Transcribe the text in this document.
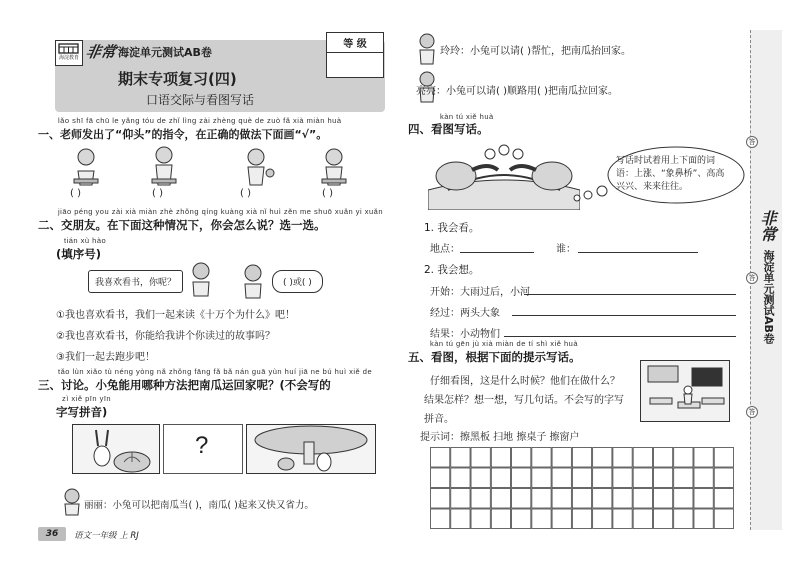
海淀教育 非常 海淀单元测试AB卷
等 级
期末专项复习(四)
口语交际与看图写话
lǎo shī fā chū le yǎng tóu de zhǐ lìng zài zhèng què de zuò fǎ xià miàn huà
一、老师发出了“仰头”的指令，在正确的做法下面画“√”。
( )	( )	( )	( )
jiāo péng you zài xià miàn zhè zhǒng qíng kuàng xià nǐ huì zěn me shuō xuǎn yi xuǎn
二、交朋友。在下面这种情况下，你会怎么说？选一选。
tián xù hào
(填序号)
我喜欢看书，你呢？	( )或( )
①我也喜欢看书，我们一起来读《十万个为什么》吧！
②我也喜欢看书，你能给我讲个你读过的故事吗？
③我们一起去跑步吧！
tǎo lùn xiǎo tù néng yòng nǎ zhǒng fāng fǎ bǎ nán guā yùn huí jiā ne bú huì xiě de
三、讨论。小兔能用哪种方法把南瓜运回家呢？(不会写的
zì xiě pīn yīn
字写拼音)
?
丽丽：小兔可以把南瓜当( )，南瓜( )起来又快又省力。
36	语文一年级 上 RJ
玲玲：小兔可以请( )帮忙，把南瓜抬回家。
亮亮：小兔可以请( )顺路用( )把南瓜拉回家。
kàn tú xiě huà
四、看图写话。
写话时试着用上下面的词语：上涨、“象鼻桥”、高高兴兴、来来往往。
1. 我会看。
地点：	谁：
2. 我会想。
开始：大雨过后，小河
经过：两头大象
结果：小动物们
kàn tú gēn jù xià miàn de tí shì xiě huà
五、看图，根据下面的提示写话。
仔细看图，这是什么时候？他们在做什么？
结果怎样？想一想，写几句话。不会写的字写
拼音。
提示词：擦黑板 扫地 擦桌子 擦窗户
非常
海淀单元测试AB卷
答
答
答
